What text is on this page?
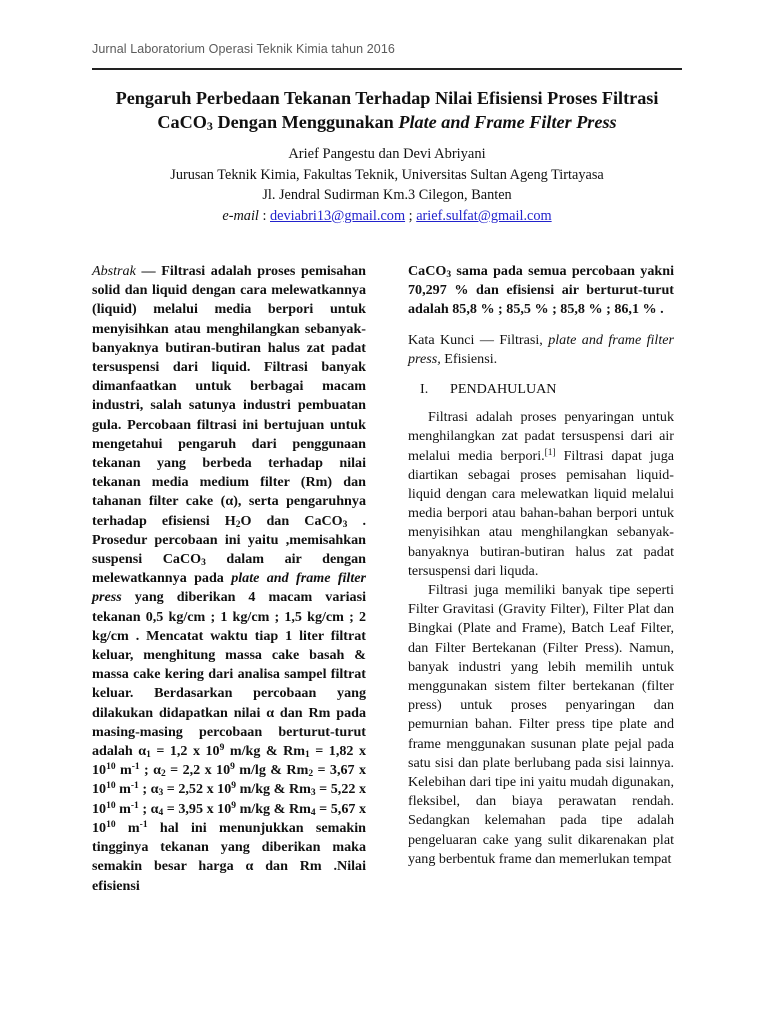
Jurnal Laboratorium Operasi Teknik Kimia tahun 2016
Pengaruh Perbedaan Tekanan Terhadap Nilai Efisiensi Proses Filtrasi
CaCO$_3$ Dengan Menggunakan Plate and Frame Filter Press
Arief Pangestu dan Devi Abriyani
Jurusan Teknik Kimia, Fakultas Teknik, Universitas Sultan Ageng Tirtayasa
Jl. Jendral Sudirman Km.3 Cilegon, Banten
e-mail : deviabri13@gmail.com ; arief.sulfat@gmail.com

Abstrak — Filtrasi adalah proses pemisahan solid dan liquid dengan cara melewatkannya (liquid) melalui media berpori untuk menyisihkan atau menghilangkan sebanyak-banyaknya butiran-butiran halus zat padat tersuspensi dari liquid. Filtrasi banyak dimanfaatkan untuk berbagai macam industri, salah satunya industri pembuatan gula. Percobaan filtrasi ini bertujuan untuk mengetahui pengaruh dari penggunaan tekanan yang berbeda terhadap nilai tekanan media medium filter (Rm) dan tahanan filter cake (α), serta pengaruhnya terhadap efisiensi $H_2O$ dan CaCO$_3$ . Prosedur percobaan ini yaitu ,memisahkan suspensi CaCO$_3$ dalam air dengan melewatkannya pada plate and frame filter press yang diberikan 4 macam variasi tekanan 0,5 kg/cm ; 1 kg/cm ; 1,5 kg/cm ; 2 kg/cm . Mencatat waktu tiap 1 liter filtrat keluar, menghitung massa cake basah & massa cake kering dari analisa sampel filtrat keluar. Berdasarkan percobaan yang dilakukan didapatkan nilai α dan Rm pada masing-masing percobaan berturut-turut adalah $\alpha_1 = 1,2$ x $10^9$ m/kg & $Rm_1 = 1,82$ x $10^{10}$ $m^{-1}$ ; $\alpha_2 = 2,2$ x $10^9$ m/lg & $Rm_2 = 3,67$ x $10^{10}$ $m^{-1}$ ; $\alpha_3 = 2,52$ x $10^9$ m/kg & $Rm_3 = 5,22$ x $10^{10}$ $m^{-1}$ ; $\alpha_4 = 3,95$ x $10^9$ m/kg & $Rm_4 = 5,67$ x $10^{10}$ $m^{-1}$ hal ini menunjukkan semakin tingginya tekanan yang diberikan maka semakin besar harga α dan Rm .Nilai efisiensi

CaCO$_3$ sama pada semua percobaan yakni 70,297 % dan efisiensi air berturut-turut adalah 85,8 % ; 85,5 % ; 85,8 % ; 86,1 % .

Kata Kunci — Filtrasi, plate and frame filter press, Efisiensi.

I. PENDAHULUAN

Filtrasi adalah proses penyaringan untuk menghilangkan zat padat tersuspensi dari air melalui media berpori.[1] Filtrasi dapat juga diartikan sebagai proses pemisahan liquid-liquid dengan cara melewatkan liquid melalui media berpori atau bahan-bahan berpori untuk menyisihkan atau menghilangkan sebanyak-banyaknya butiran-butiran halus zat padat tersuspensi dari liquda.

Filtrasi juga memiliki banyak tipe seperti Filter Gravitasi (Gravity Filter), Filter Plat dan Bingkai (Plate and Frame), Batch Leaf Filter, dan Filter Bertekanan (Filter Press). Namun, banyak industri yang lebih memilih untuk menggunakan sistem filter bertekanan (filter press) untuk proses penyaringan dan pemurnian bahan. Filter press tipe plate and frame menggunakan susunan plate pejal pada satu sisi dan plate berlubang pada sisi lainnya. Kelebihan dari tipe ini yaitu mudah digunakan, fleksibel, dan biaya perawatan rendah. Sedangkan kelemahan pada tipe adalah pengeluaran cake yang sulit dikarenakan plat yang berbentuk frame dan memerlukan tempat
